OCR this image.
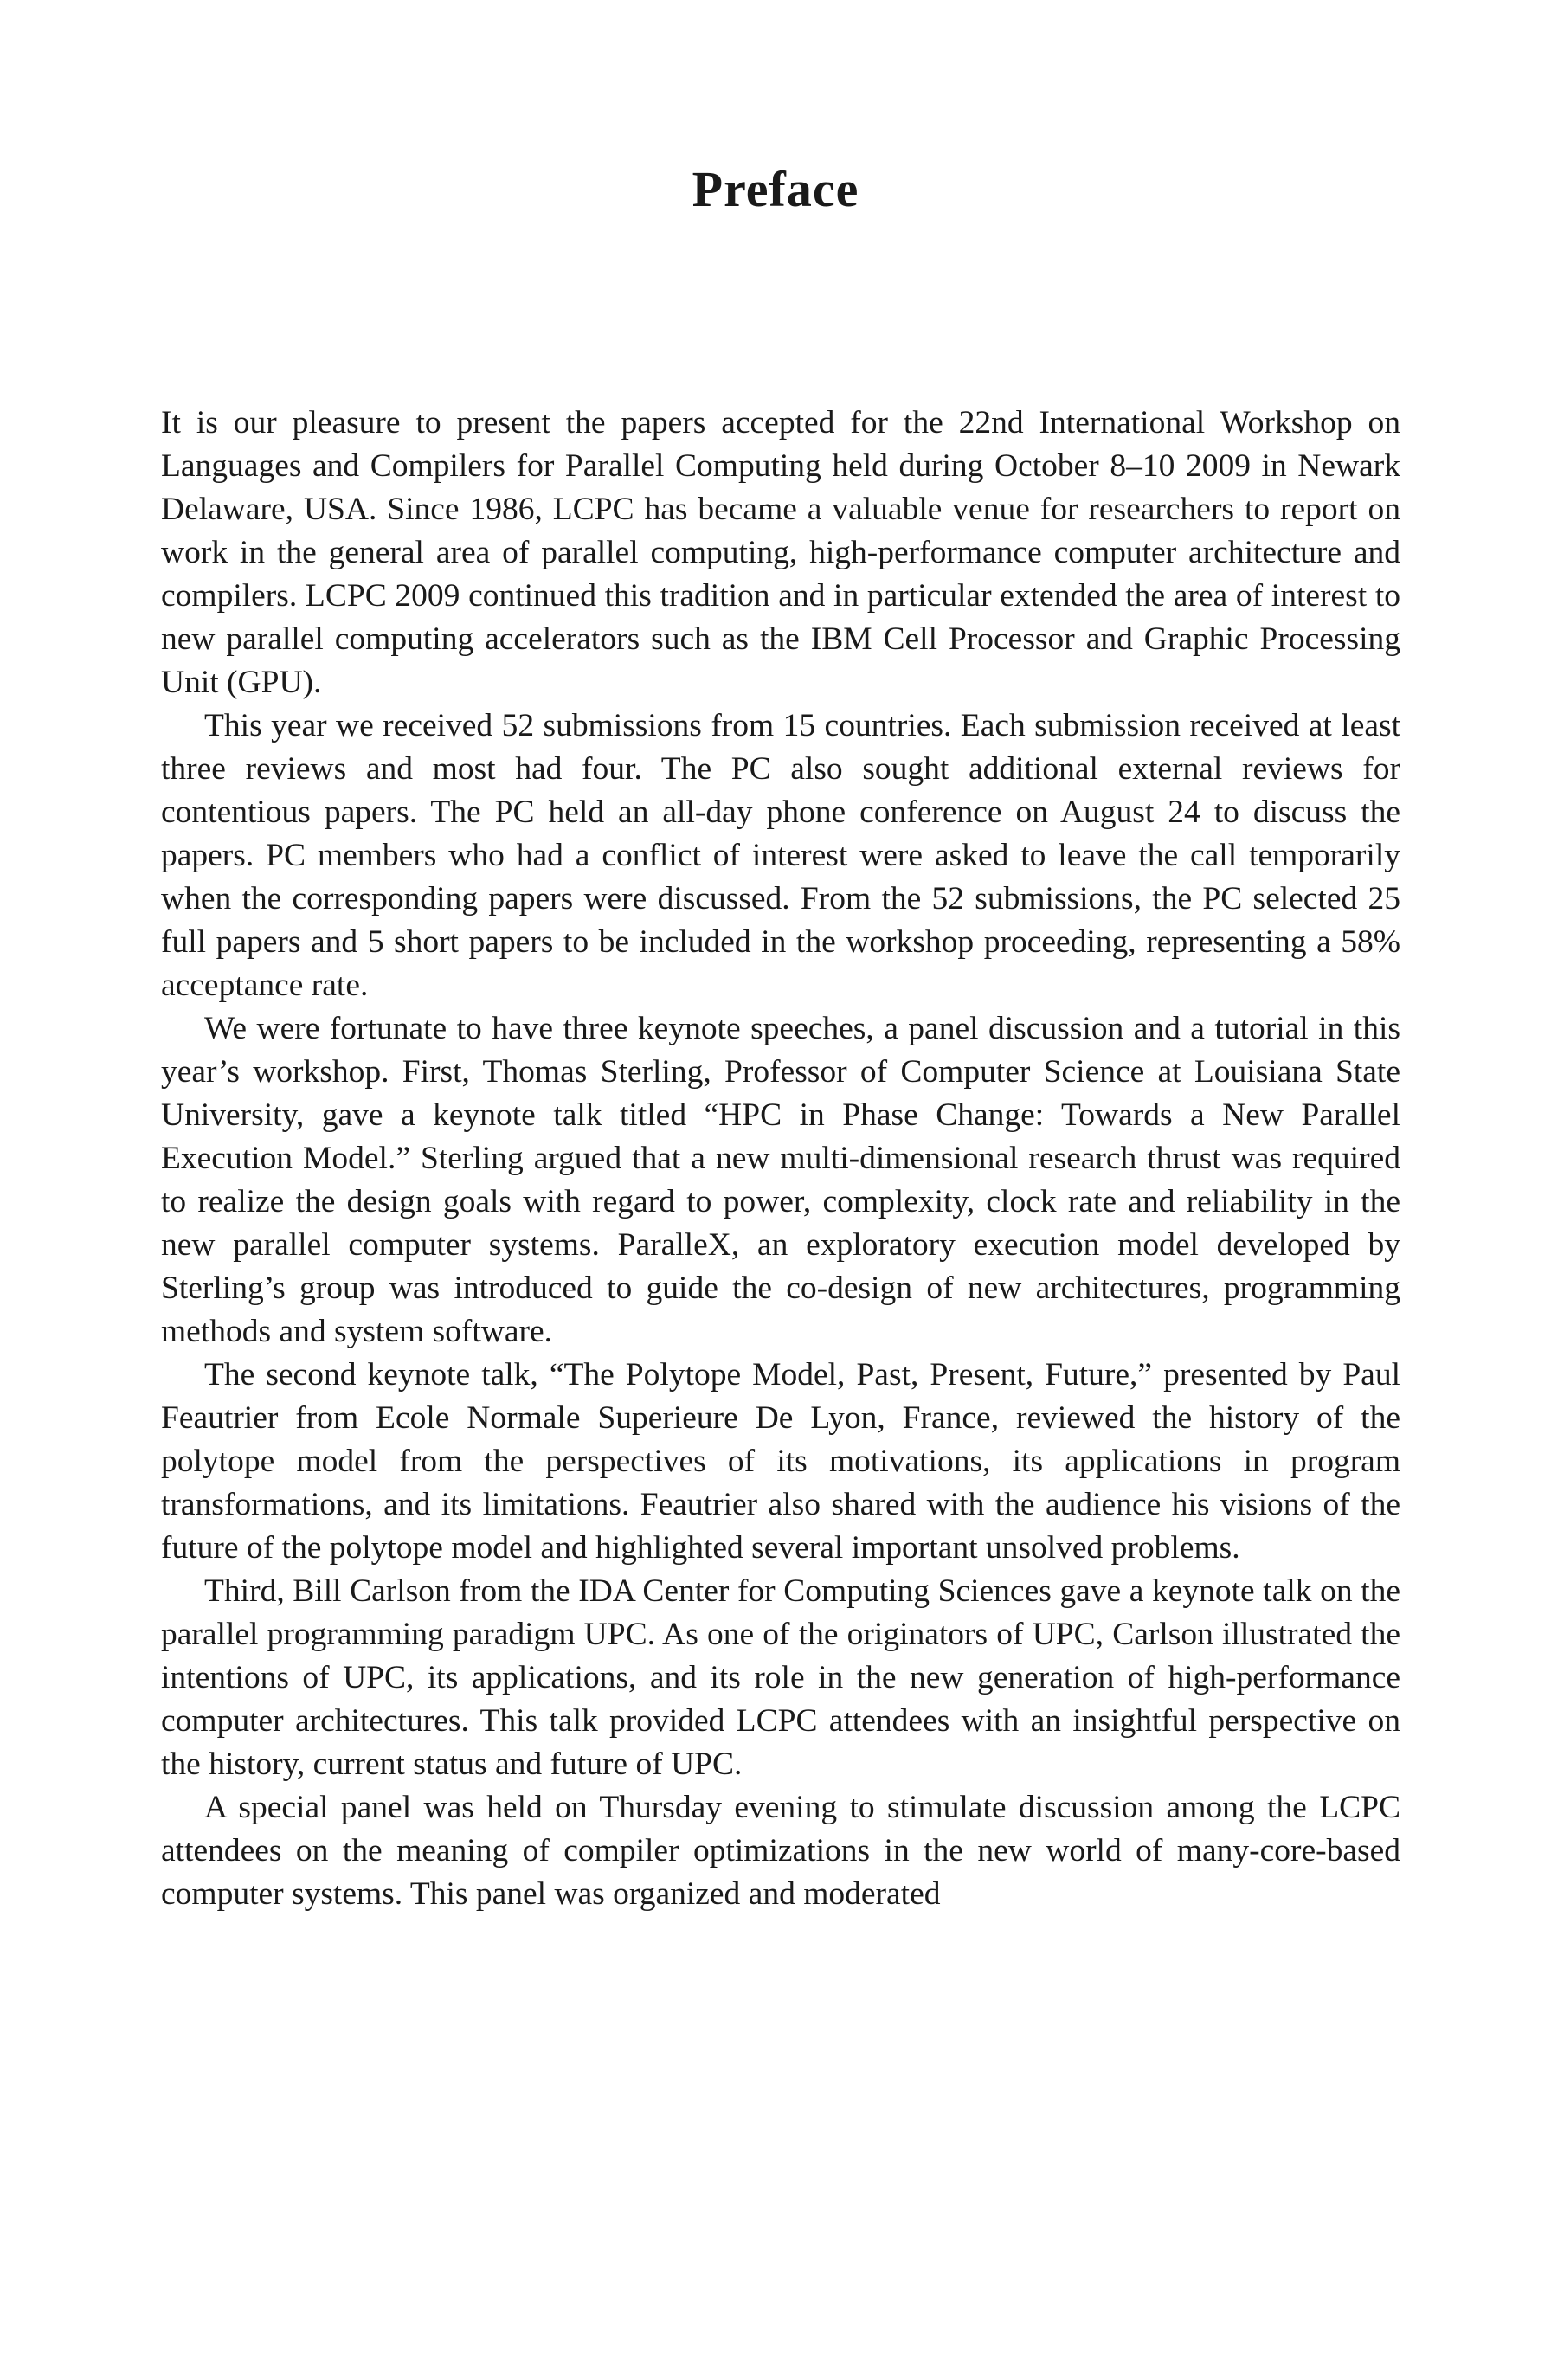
Preface

It is our pleasure to present the papers accepted for the 22nd International Workshop on Languages and Compilers for Parallel Computing held during October 8–10 2009 in Newark Delaware, USA. Since 1986, LCPC has became a valuable venue for researchers to report on work in the general area of parallel computing, high-performance computer architecture and compilers. LCPC 2009 continued this tradition and in particular extended the area of interest to new parallel computing accelerators such as the IBM Cell Processor and Graphic Processing Unit (GPU).

This year we received 52 submissions from 15 countries. Each submission received at least three reviews and most had four. The PC also sought additional external reviews for contentious papers. The PC held an all-day phone conference on August 24 to discuss the papers. PC members who had a conflict of interest were asked to leave the call temporarily when the corresponding papers were discussed. From the 52 submissions, the PC selected 25 full papers and 5 short papers to be included in the workshop proceeding, representing a 58% acceptance rate.

We were fortunate to have three keynote speeches, a panel discussion and a tutorial in this year’s workshop. First, Thomas Sterling, Professor of Computer Science at Louisiana State University, gave a keynote talk titled “HPC in Phase Change: Towards a New Parallel Execution Model.” Sterling argued that a new multi-dimensional research thrust was required to realize the design goals with regard to power, complexity, clock rate and reliability in the new parallel computer systems. ParalleX, an exploratory execution model developed by Sterling’s group was introduced to guide the co-design of new architectures, programming methods and system software.

The second keynote talk, “The Polytope Model, Past, Present, Future,” presented by Paul Feautrier from Ecole Normale Superieure De Lyon, France, reviewed the history of the polytope model from the perspectives of its motivations, its applications in program transformations, and its limitations. Feautrier also shared with the audience his visions of the future of the polytope model and highlighted several important unsolved problems.

Third, Bill Carlson from the IDA Center for Computing Sciences gave a keynote talk on the parallel programming paradigm UPC. As one of the originators of UPC, Carlson illustrated the intentions of UPC, its applications, and its role in the new generation of high-performance computer architectures. This talk provided LCPC attendees with an insightful perspective on the history, current status and future of UPC.

A special panel was held on Thursday evening to stimulate discussion among the LCPC attendees on the meaning of compiler optimizations in the new world of many-core-based computer systems. This panel was organized and moderated
